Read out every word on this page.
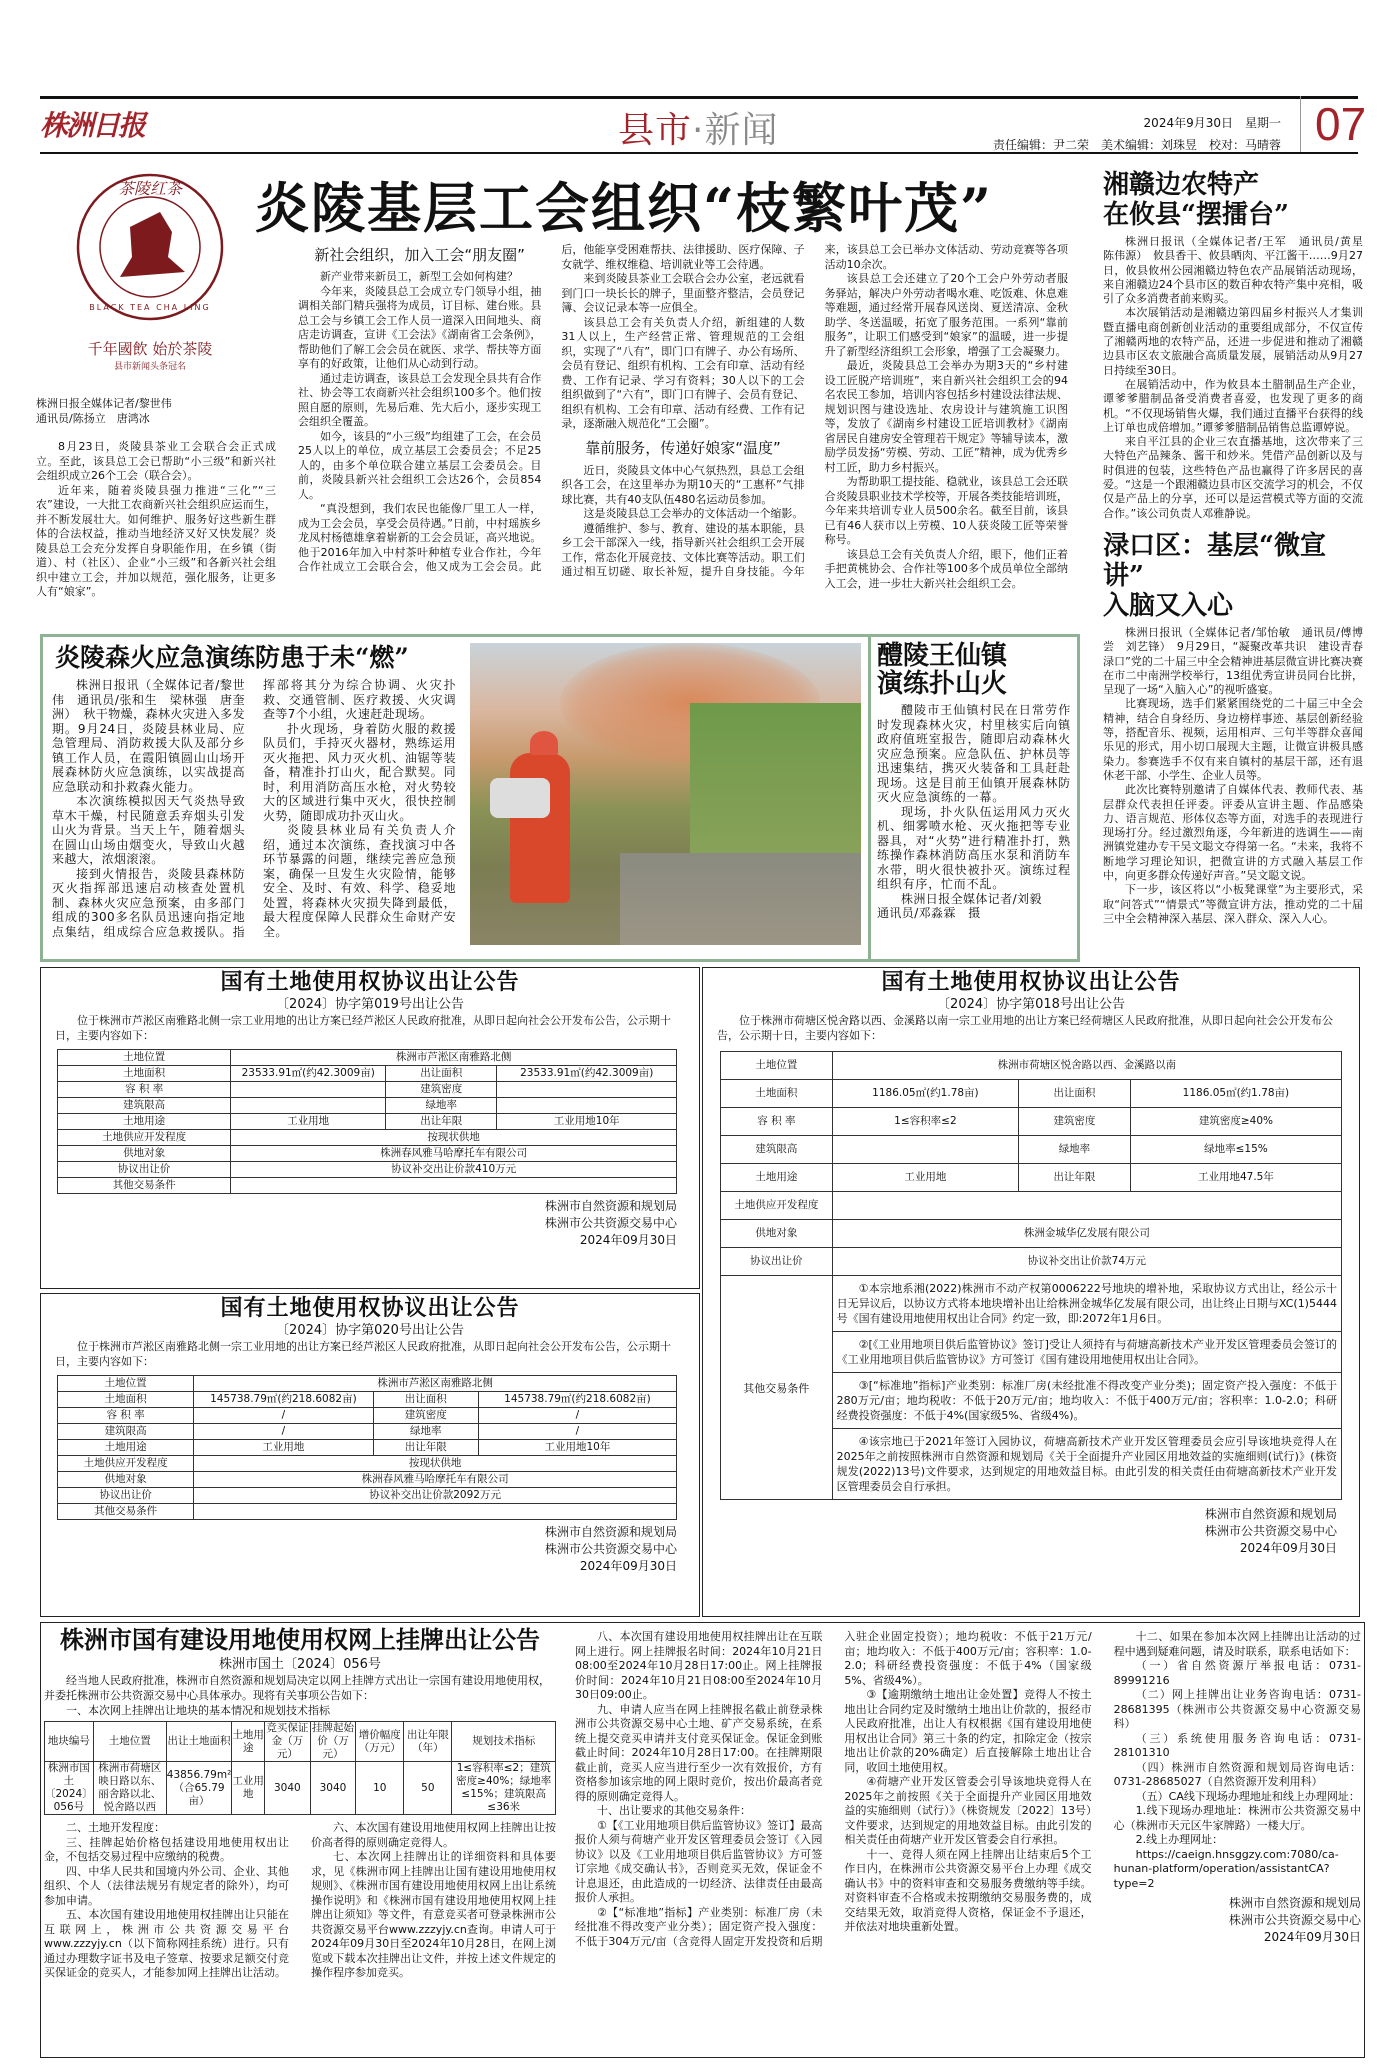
株洲日报	县市·新闻	2024年9月30日　星期一
责任编辑：尹二荣　美术编辑：刘珠昱　校对：马晴蓉 07
茶陵红茶
BLACK TEA CHA LING
千年國飲 始於茶陵
县市新闻头条冠名
炎陵基层工会组织“枝繁叶茂”
株洲日报全媒体记者/黎世伟
通讯员/陈扬立　唐鸿冰

8月23日，炎陵县茶业工会联合会正式成立。至此，该县总工会已帮助“小三级”和新兴社会组织成立26个工会（联合会）。

近年来，随着炎陵县强力推进“三化”“三农”建设，一大批工农商新兴社会组织应运而生，并不断发展壮大。如何维护、服务好这些新生群体的合法权益，推动当地经济又好又快发展？炎陵县总工会充分发挥自身职能作用，在乡镇（街道）、村（社区）、企业“小三级”和各新兴社会组织中建立工会，并加以规范，强化服务，让更多人有“娘家”。

新社会组织，加入工会“朋友圈”

新产业带来新员工，新型工会如何构建？

今年来，炎陵县总工会成立专门领导小组，抽调相关部门精兵强将为成员，订目标、建台账。县总工会与乡镇工会工作人员一道深入田间地头、商店走访调查，宣讲《工会法》《湖南省工会条例》，帮助他们了解工会会员在就医、求学、帮扶等方面享有的好政策，让他们从心动到行动。

通过走访调查，该县总工会发现全县共有合作社、协会等工农商新兴社会组织100多个。他们按照自愿的原则，先易后难、先大后小，逐步实现工会组织全覆盖。

如今，该县的“小三级”均组建了工会，在会员25人以上的单位，成立基层工会委员会；不足25人的，由多个单位联合建立基层工会委员会。目前，炎陵县新兴社会组织工会达26个，会员854人。

“真没想到，我们农民也能像厂里工人一样，成为工会会员，享受会员待遇。”日前，中村瑶族乡龙凤村杨德雄拿着崭新的工会会员证，高兴地说。他于2016年加入中村茶叶种植专业合作社，今年合作社成立工会联合会，他又成为工会会员。此后，他能享受困难帮扶、法律援助、医疗保障、子女就学、维权维稳、培训就业等工会待遇。

来到炎陵县茶业工会联合会办公室，老远就看到门口一块长长的牌子，里面整齐整洁，会员登记簿、会议记录本等一应俱全。

该县总工会有关负责人介绍，新组建的人数31人以上，生产经营正常、管理规范的工会组织，实现了“八有”，即门口有牌子、办公有场所、会员有登记、组织有机构、工会有印章、活动有经费、工作有记录、学习有资料；30人以下的工会组织做到了“六有”，即门口有牌子、会员有登记、组织有机构、工会有印章、活动有经费、工作有记录，逐渐融入规范化“工会圈”。

靠前服务，传递好娘家“温度”

近日，炎陵县文体中心气氛热烈，县总工会组织各工会，在这里举办为期10天的“工惠杯”气排球比赛，共有40支队伍480名运动员参加。

这是炎陵县总工会举办的文体活动一个缩影。

遵循维护、参与、教育、建设的基本职能，县乡工会干部深入一线，指导新兴社会组织工会开展工作，常态化开展竞技、文体比赛等活动。职工们通过相互切磋、取长补短，提升自身技能。今年来，该县总工会已举办文体活动、劳动竞赛等各项活动10余次。

该县总工会还建立了20个工会户外劳动者服务驿站，解决户外劳动者喝水难、吃饭难、休息难等难题，通过经常开展春风送岗、夏送清凉、金秋助学、冬送温暖，拓宽了服务范围。一系列“靠前服务”，让职工们感受到“娘家”的温暖，进一步提升了新型经济组织工会形象，增强了工会凝聚力。

最近，炎陵县总工会举办为期3天的“乡村建设工匠脱产培训班”，来自新兴社会组织工会的94名农民工参加，培训内容包括乡村建设法律法规、规划识图与建设选址、农房设计与建筑施工识图等，发放了《湖南乡村建设工匠培训教材》《湖南省居民自建房安全管理若干规定》等辅导读本，激励学员发扬“劳模、劳动、工匠”精神，成为优秀乡村工匠，助力乡村振兴。

为帮助职工提技能、稳就业，该县总工会还联合炎陵县职业技术学校等，开展各类技能培训班，今年来共培训专业人员500余名。截至目前，该县已有46人获市以上劳模、10人获炎陵工匠等荣誉称号。

该县总工会有关负责人介绍，眼下，他们正着手把黄桃协会、合作社等100多个成员单位全部纳入工会，进一步壮大新兴社会组织工会。

湘赣边农特产
在攸县“摆擂台”

株洲日报讯（全媒体记者/王军　通讯员/黄星　陈伟源）　攸县香干、攸县晒肉、平江酱干……9月27日，攸县攸州公园湘赣边特色农产品展销活动现场，来自湘赣边24个县市区的数百种农特产集中亮相，吸引了众多消费者前来购买。

本次展销活动是湘赣边第四届乡村振兴人才集训暨直播电商创新创业活动的重要组成部分，不仅宣传了湘赣两地的农特产品，还进一步促进和推动了湘赣边县市区农文旅融合高质量发展，展销活动从9月27日持续至30日。

在展销活动中，作为攸县本土腊制品生产企业，谭爹爹腊制品备受消费者喜爱，也发现了更多的商机。“不仅现场销售火爆，我们通过直播平台获得的线上订单也成倍增加。”谭爹爹腊制品销售总监谭婷说。

来自平江县的企业三农直播基地，这次带来了三大特色产品辣条、酱干和炒米。凭借产品创新以及与时俱进的包装，这些特色产品也赢得了许多居民的喜爱。“这是一个跟湘赣边县市区交流学习的机会，不仅仅是产品上的分享，还可以是运营模式等方面的交流合作。”该公司负责人邓雅静说。

渌口区：基层“微宣讲”
入脑又入心

株洲日报讯（全媒体记者/邹怡敏　通讯员/傅博尝　刘艺锋）　9月29日，“凝聚改革共识　建设青春渌口”党的二十届三中全会精神进基层微宣讲比赛决赛在市二中南洲学校举行，13组优秀宣讲员同台比拼，呈现了一场“入脑入心”的视听盛宴。

比赛现场，选手们紧紧围绕党的二十届三中全会精神，结合自身经历、身边榜样事迹、基层创新经验等，搭配音乐、视频，运用相声、三句半等群众喜闻乐见的形式，用小切口展现大主题，让微宣讲极具感染力。参赛选手不仅有来自镇村的基层干部，还有退休老干部、小学生、企业人员等。

此次比赛特别邀请了自媒体代表、教师代表、基层群众代表担任评委。评委从宣讲主题、作品感染力、语言规范、形体仪态等方面，对选手的表现进行现场打分。经过激烈角逐，今年新进的选调生——南洲镇党建办专干吴文聪文夺得第一名。“未来，我将不断地学习理论知识，把微宣讲的方式融入基层工作中，向更多群众传递好声音。”吴文聪文说。

下一步，该区将以“小板凳课堂”为主要形式，采取“问答式”“情景式”等微宣讲方法，推动党的二十届三中全会精神深入基层、深入群众、深入人心。

炎陵森火应急演练防患于未“燃”

株洲日报讯（全媒体记者/黎世伟　通讯员/张和生　梁林强　唐奎洲）　秋干物燥，森林火灾进入多发期。9月24日，炎陵县林业局、应急管理局、消防救援大队及部分乡镇工作人员，在霞阳镇圆山山场开展森林防火应急演练，以实战提高应急联动和扑救森火能力。

本次演练模拟因天气炎热导致草木干燥，村民随意丢弃烟头引发山火为背景。当天上午，随着烟头在圆山山场由烟变火，导致山火越来越大，浓烟滚滚。

接到火情报告，炎陵县森林防灭火指挥部迅速启动核查处置机制、森林火灾应急预案，由多部门组成的300多名队员迅速向指定地点集结，组成综合应急救援队。指挥部将其分为综合协调、火灾扑救、交通管制、医疗救援、火灾调查等7个小组，火速赶赴现场。

扑火现场，身着防火服的救援队员们，手持灭火器材，熟练运用灭火拖把、风力灭火机、油锯等装备，精准扑打山火，配合默契。同时，利用消防高压水枪，对火势较大的区域进行集中灭火，很快控制火势，随即成功扑灭山火。

炎陵县林业局有关负责人介绍，通过本次演练，查找演习中各环节暴露的问题，继续完善应急预案，确保一旦发生火灾险情，能够安全、及时、有效、科学、稳妥地处置，将森林火灾损失降到最低，最大程度保障人民群众生命财产安全。

醴陵王仙镇
演练扑山火

醴陵市王仙镇村民在日常劳作时发现森林火灾，村里核实后向镇政府值班室报告，随即启动森林火灾应急预案。应急队伍、护林员等迅速集结，携灭火装备和工具赶赴现场。这是目前王仙镇开展森林防灭火应急演练的一幕。

现场，扑火队伍运用风力灭火机、细雾喷水枪、灭火拖把等专业器具，对“火势”进行精准扑打，熟练操作森林消防高压水泵和消防车水带，明火很快被扑灭。演练过程组织有序，忙而不乱。

株洲日报全媒体记者/刘毅
通讯员/邓淼霖　摄
国有土地使用权协议出让公告
〔2024〕协字第019号出让公告
位于株洲市芦淞区南雅路北侧一宗工业用地的出让方案已经芦淞区人民政府批准，从即日起向社会公开发布公告，公示期十日，主要内容如下：
土地位置	株洲市芦淞区南雅路北侧		
土地面积	23533.91㎡(约42.3009亩)	出让面积	23533.91㎡(约42.3009亩)
容 积 率		建筑密度	
建筑限高		绿地率	
土地用途	工业用地	出让年限	工业用地10年
土地供应开发程度	按现状供地		
供地对象	株洲春风雅马哈摩托车有限公司		
协议出让价	协议补交出让价款410万元		
其他交易条件			
株洲市自然资源和规划局
株洲市公共资源交易中心
2024年09月30日
国有土地使用权协议出让公告
〔2024〕协字第020号出让公告
位于株洲市芦淞区南雅路北侧一宗工业用地的出让方案已经芦淞区人民政府批准，从即日起向社会公开发布公告，公示期十日，主要内容如下：
土地位置	株洲市芦淞区南雅路北侧		
土地面积	145738.79㎡(约218.6082亩)	出让面积	145738.79㎡(约218.6082亩)
容 积 率	/	建筑密度	/
建筑限高	/	绿地率	/
土地用途	工业用地	出让年限	工业用地10年
土地供应开发程度	按现状供地		
供地对象	株洲春风雅马哈摩托车有限公司		
协议出让价	协议补交出让价款2092万元		
其他交易条件			
株洲市自然资源和规划局
株洲市公共资源交易中心
2024年09月30日
国有土地使用权协议出让公告
〔2024〕协字第018号出让公告
位于株洲市荷塘区悦舍路以西、金溪路以南一宗工业用地的出让方案已经荷塘区人民政府批准，从即日起向社会公开发布公告，公示期十日，主要内容如下：
土地位置	株洲市荷塘区悦舍路以西、金溪路以南		
土地面积	1186.05㎡(约1.78亩)	出让面积	1186.05㎡(约1.78亩)
容 积 率	1≤容积率≤2	建筑密度	建筑密度≥40%
建筑限高		绿地率	绿地率≤15%
土地用途	工业用地	出让年限	工业用地47.5年
土地供应开发程度			
供地对象	株洲金城华亿发展有限公司		
协议出让价	协议补交出让价款74万元		
其他交易条件

①本宗地系湘(2022)株洲市不动产权第0006222号地块的增补地，采取协议方式出让，经公示十日无异议后，以协议方式将本地块增补出让给株洲金城华亿发展有限公司，出让终止日期与XC(1)5444号《国有建设用地使用权出让合同》约定一致，即:2072年1月6日。

②[《工业用地项目供后监管协议》签订]受让人须持有与荷塘高新技术产业开发区管理委员会签订的《工业用地项目供后监管协议》方可签订《国有建设用地使用权出让合同》。

③[“标准地”指标]产业类别：标准厂房(未经批准不得改变产业分类)；固定资产投入强度：不低于280万元/亩；地均税收：不低于20万元/亩；地均收入：不低于400万元/亩；容积率：1.0-2.0；科研经费投资强度：不低于4%(国家级5%、省级4%)。

④该宗地已于2021年签订入园协议，荷塘高新技术产业开发区管理委员会应引导该地块竞得人在2025年之前按照株洲市自然资源和规划局《关于全面提升产业园区用地效益的实施细则(试行)》(株资规发(2022)13号)文件要求，达到规定的用地效益目标。由此引发的相关责任由荷塘高新技术产业开发区管理委员会自行承担。

株洲市自然资源和规划局
株洲市公共资源交易中心
2024年09月30日
株洲市国有建设用地使用权网上挂牌出让公告
株洲市国土〔2024〕056号
经当地人民政府批准，株洲市自然资源和规划局决定以网上挂牌方式出让一宗国有建设用地使用权，并委托株洲市公共资源交易中心具体承办。现将有关事项公告如下：
一、本次网上挂牌出让地块的基本情况和规划技术指标
地块编号	土地位置	出让土地面积	土地用途	竞买保证金（万元）	挂牌起始价（万元）	增价幅度（万元）	出让年限（年）	规划技术指标
株洲市国土〔2024〕056号	株洲市荷塘区映日路以东、丽舍路以北、悦舍路以西	43856.79m²（合65.79亩）	工业用地	3040	3040	10	50	1≤容积率≤2；建筑密度≥40%；绿地率≤15%；建筑限高≤36米

二、土地开发程度：

三、挂牌起始价格包括建设用地使用权出让金，不包括交易过程中应缴纳的税费。

四、中华人民共和国境内外公司、企业、其他组织、个人（法律法规另有规定者的除外），均可参加申请。

五、本次国有建设用地使用权挂牌出让只能在互联网上，株洲市公共资源交易平台www.zzzyjy.cn（以下简称网挂系统）进行。只有通过办理数字证书及电子签章、按要求足额交付竞买保证金的竞买人，才能参加网上挂牌出让活动。

六、本次国有建设用地使用权网上挂牌出让按价高者得的原则确定竞得人。

七、本次网上挂牌出让的详细资料和具体要求，见《株洲市网上挂牌出让国有建设用地使用权规则》、《株洲市国有建设用地使用权网上出让系统操作说明》和《株洲市国有建设用地使用权网上挂牌出让须知》等文件，有意竞买者可登录株洲市公共资源交易平台www.zzzyjy.cn查询。申请人可于2024年09月30日至2024年10月28日，在网上浏览或下载本次挂牌出让文件，并按上述文件规定的操作程序参加竞买。

八、本次国有建设用地使用权挂牌出让在互联网上进行。网上挂牌报名时间：2024年10月21日08:00至2024年10月28日17:00止。网上挂牌报价时间：2024年10月21日08:00至2024年10月30日09:00止。

九、申请人应当在网上挂牌报名截止前登录株洲市公共资源交易中心土地、矿产交易系统，在系统上提交竞买申请并支付竞买保证金。保证金到账截止时间：2024年10月28日17:00。在挂牌期限截止前，竞买人应当进行至少一次有效报价，方有资格参加该宗地的网上限时竞价，按出价最高者竞得的原则确定竞得人。

十、出让要求的其他交易条件：

①【《工业用地项目供后监管协议》签订】最高报价人须与荷塘产业开发区管理委员会签订《入园协议》以及《工业用地项目供后监管协议》方可签订宗地《成交确认书》，否则竞买无效，保证金不计息退还，由此造成的一切经济、法律责任由最高报价人承担。

②【“标准地”指标】产业类别：标准厂房（未经批准不得改变产业分类）；固定资产投入强度：不低于304万元/亩（含竞得人固定开发投资和后期入驻企业固定投资）；地均税收：不低于21万元/亩；地均收入：不低于400万元/亩；容积率：1.0-2.0；科研经费投资强度：不低于4%（国家级5%、省级4%）。

③【逾期缴纳土地出让金处置】竞得人不按土地出让合同约定及时缴纳土地出让价款的，报经市人民政府批准，出让人有权根据《国有建设用地使用权出让合同》第三十条的约定，扣除定金（按宗地出让价款的20%确定）后直接解除土地出让合同，收回土地使用权。

④荷塘产业开发区管委会引导该地块竞得人在2025年之前按照《关于全面提升产业园区用地效益的实施细则（试行）》（株资规发〔2022〕13号）文件要求，达到规定的用地效益目标。由此引发的相关责任由荷塘产业开发区管委会自行承担。

十一、竞得人须在网上挂牌出让结束后5个工作日内，在株洲市公共资源交易平台上办理《成交确认书》中的资料审查和交易服务费缴纳等手续。对资料审查不合格或未按期缴纳交易服务费的，成交结果无效，取消竞得人资格，保证金不予退还，并依法对地块重新处置。

十二、如果在参加本次网上挂牌出让活动的过程中遇到疑难问题，请及时联系，联系电话如下：

（一）省自然资源厅举报电话：0731-89991216

（二）网上挂牌出让业务咨询电话：0731-28681395（株洲市公共资源交易中心资源交易科）

（三）系统使用服务咨询电话：0731-28101310

（四）株洲市自然资源和规划局咨询电话：0731-28685027（自然资源开发利用科）

（五）CA线下现场办理地址和线上办理网址：

1.线下现场办理地址：株洲市公共资源交易中心（株洲市天元区牛家牌路）一楼大厅。

2.线上办理网址：

https://caeign.hnsggzy.com:7080/ca-hunan-platform/operation/assistantCA?type=2

株洲市自然资源和规划局
株洲市公共资源交易中心
2024年09月30日
